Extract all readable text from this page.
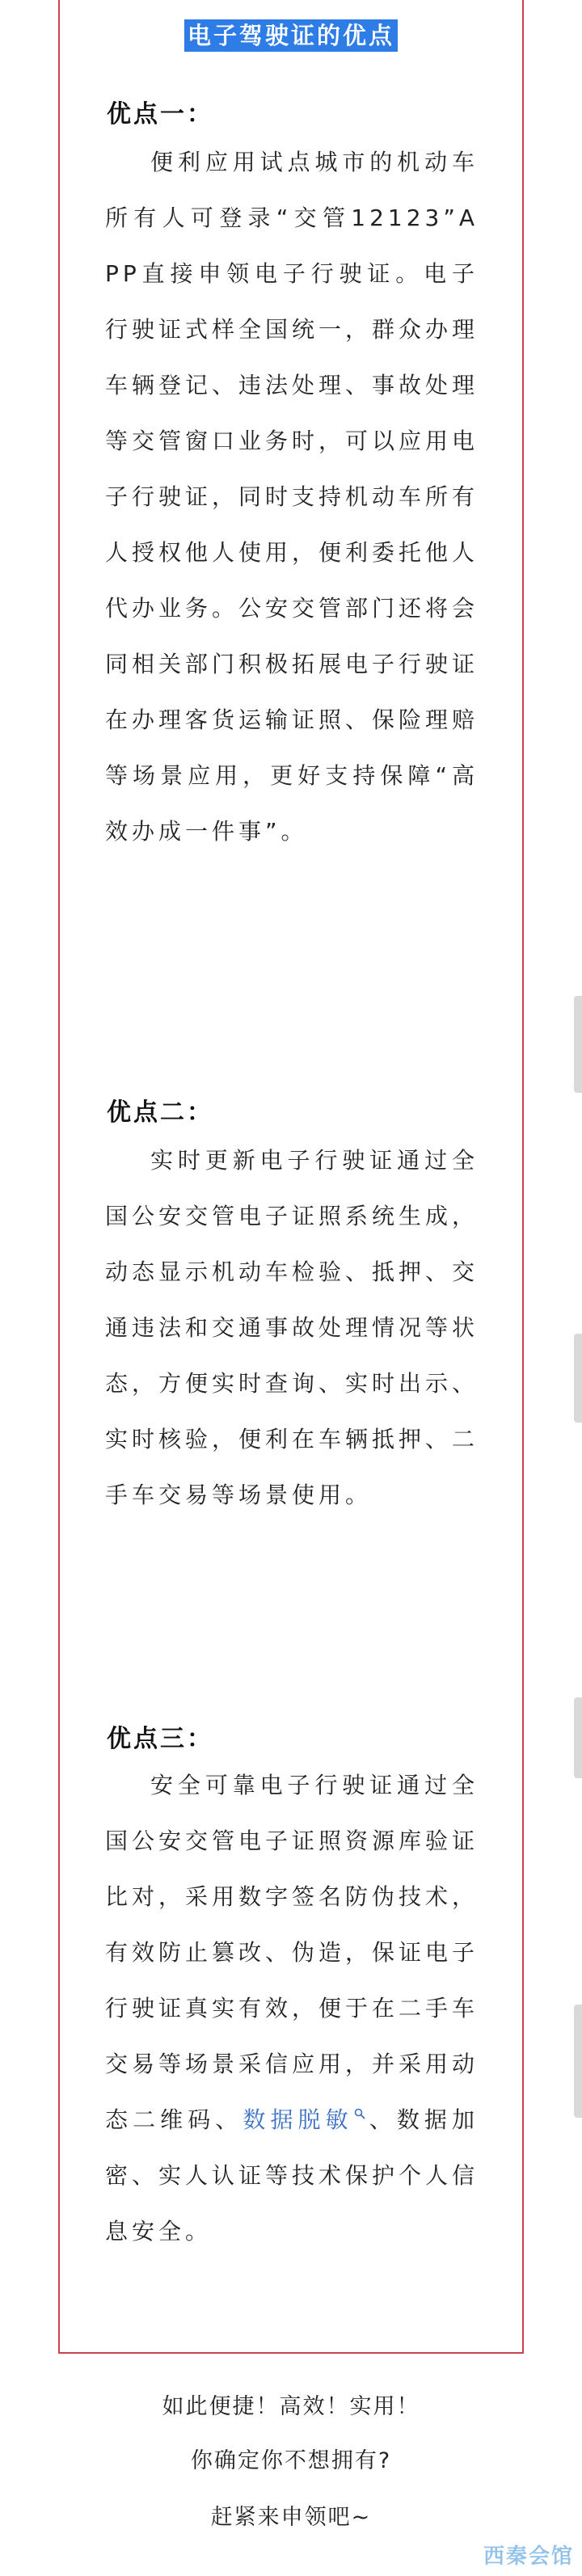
电子驾驶证的优点
优点一：
便利应用试点城市的机动车所有人可登录“交管12123”APP直接申领电子行驶证。电子行驶证式样全国统一，群众办理车辆登记、违法处理、事故处理等交管窗口业务时，可以应用电子行驶证，同时支持机动车所有人授权他人使用，便利委托他人代办业务。公安交管部门还将会同相关部门积极拓展电子行驶证在办理客货运输证照、保险理赔等场景应用，更好支持保障“高效办成一件事”。
优点二：
实时更新电子行驶证通过全国公安交管电子证照系统生成，动态显示机动车检验、抵押、交通违法和交通事故处理情况等状态，方便实时查询、实时出示、实时核验，便利在车辆抵押、二手车交易等场景使用。
优点三：
安全可靠电子行驶证通过全国公安交管电子证照资源库验证比对，采用数字签名防伪技术，有效防止篡改、伪造，保证电子行驶证真实有效，便于在二手车交易等场景采信应用，并采用动态二维码、数据脱敏 、数据加密、实人认证等技术保护个人信息安全。
如此便捷！高效！实用！
你确定你不想拥有?
赶紧来申领吧~
西秦会馆
